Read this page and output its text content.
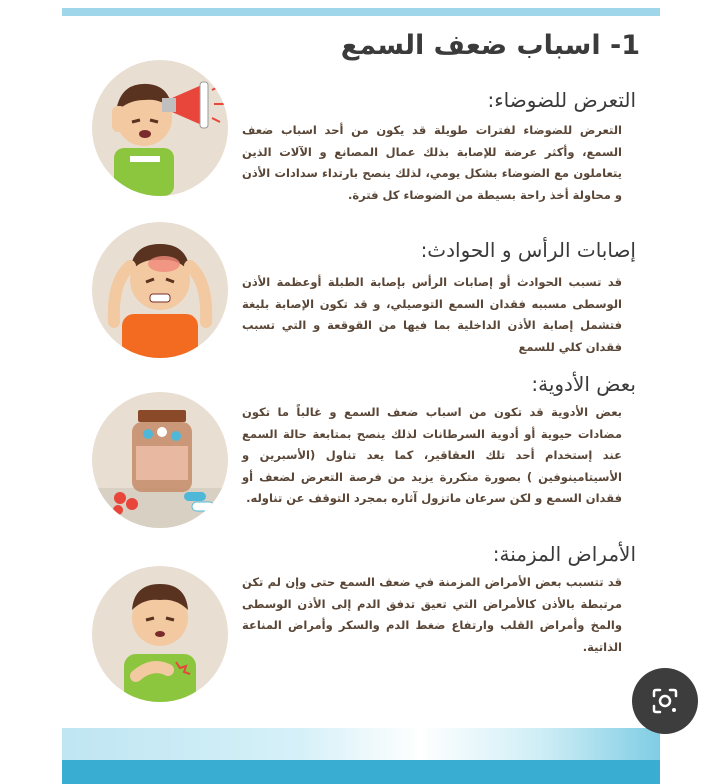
1- اسباب ضعف السمع
التعرض للضوضاء:
التعرض للضوضاء لفترات طويلة قد يكون من أحد اسباب ضعف السمع، وأكثر عرضة للإصابة بذلك عمال المصانع و الآلات الذين يتعاملون مع الضوضاء بشكل يومي، لذلك ينصح بارتداء سدادات الأذن و محاولة أخذ راحة بسيطة من الضوضاء كل فترة.
إصابات الرأس و الحوادث:
قد تسبب الحوادث أو إصابات الرأس بإصابة الطبلة أوعظمة الأذن الوسطى مسببه فقدان السمع التوصيلي، و قد تكون الإصابة بليغة فتشمل إصابة الأذن الداخلية بما فيها من القوقعة و التي تسبب فقدان كلي للسمع
بعض الأدوية:
بعض الأدوية قد تكون من اسباب ضعف السمع و غالباً ما تكون مضادات حيوية أو أدوية السرطانات لذلك ينصح بمتابعة حالة السمع عند إستخدام أحد تلك العقاقير، كما يعد تناول (الأسبرين و الأسيتامينوفين ) بصورة متكررة يزيد من فرصة التعرض لضعف أو فقدان السمع و لكن سرعان ماتزول آثاره بمجرد التوقف عن تناوله.
الأمراض المزمنة:
قد تتسبب بعض الأمراض المزمنة في ضعف السمع حتى وإن لم تكن مرتبطة بالأذن كالأمراض التي تعيق تدفق الدم إلى الأذن الوسطى والمخ وأمراض القلب وارتفاع ضغط الدم والسكر وأمراض المناعة الذاتية.
